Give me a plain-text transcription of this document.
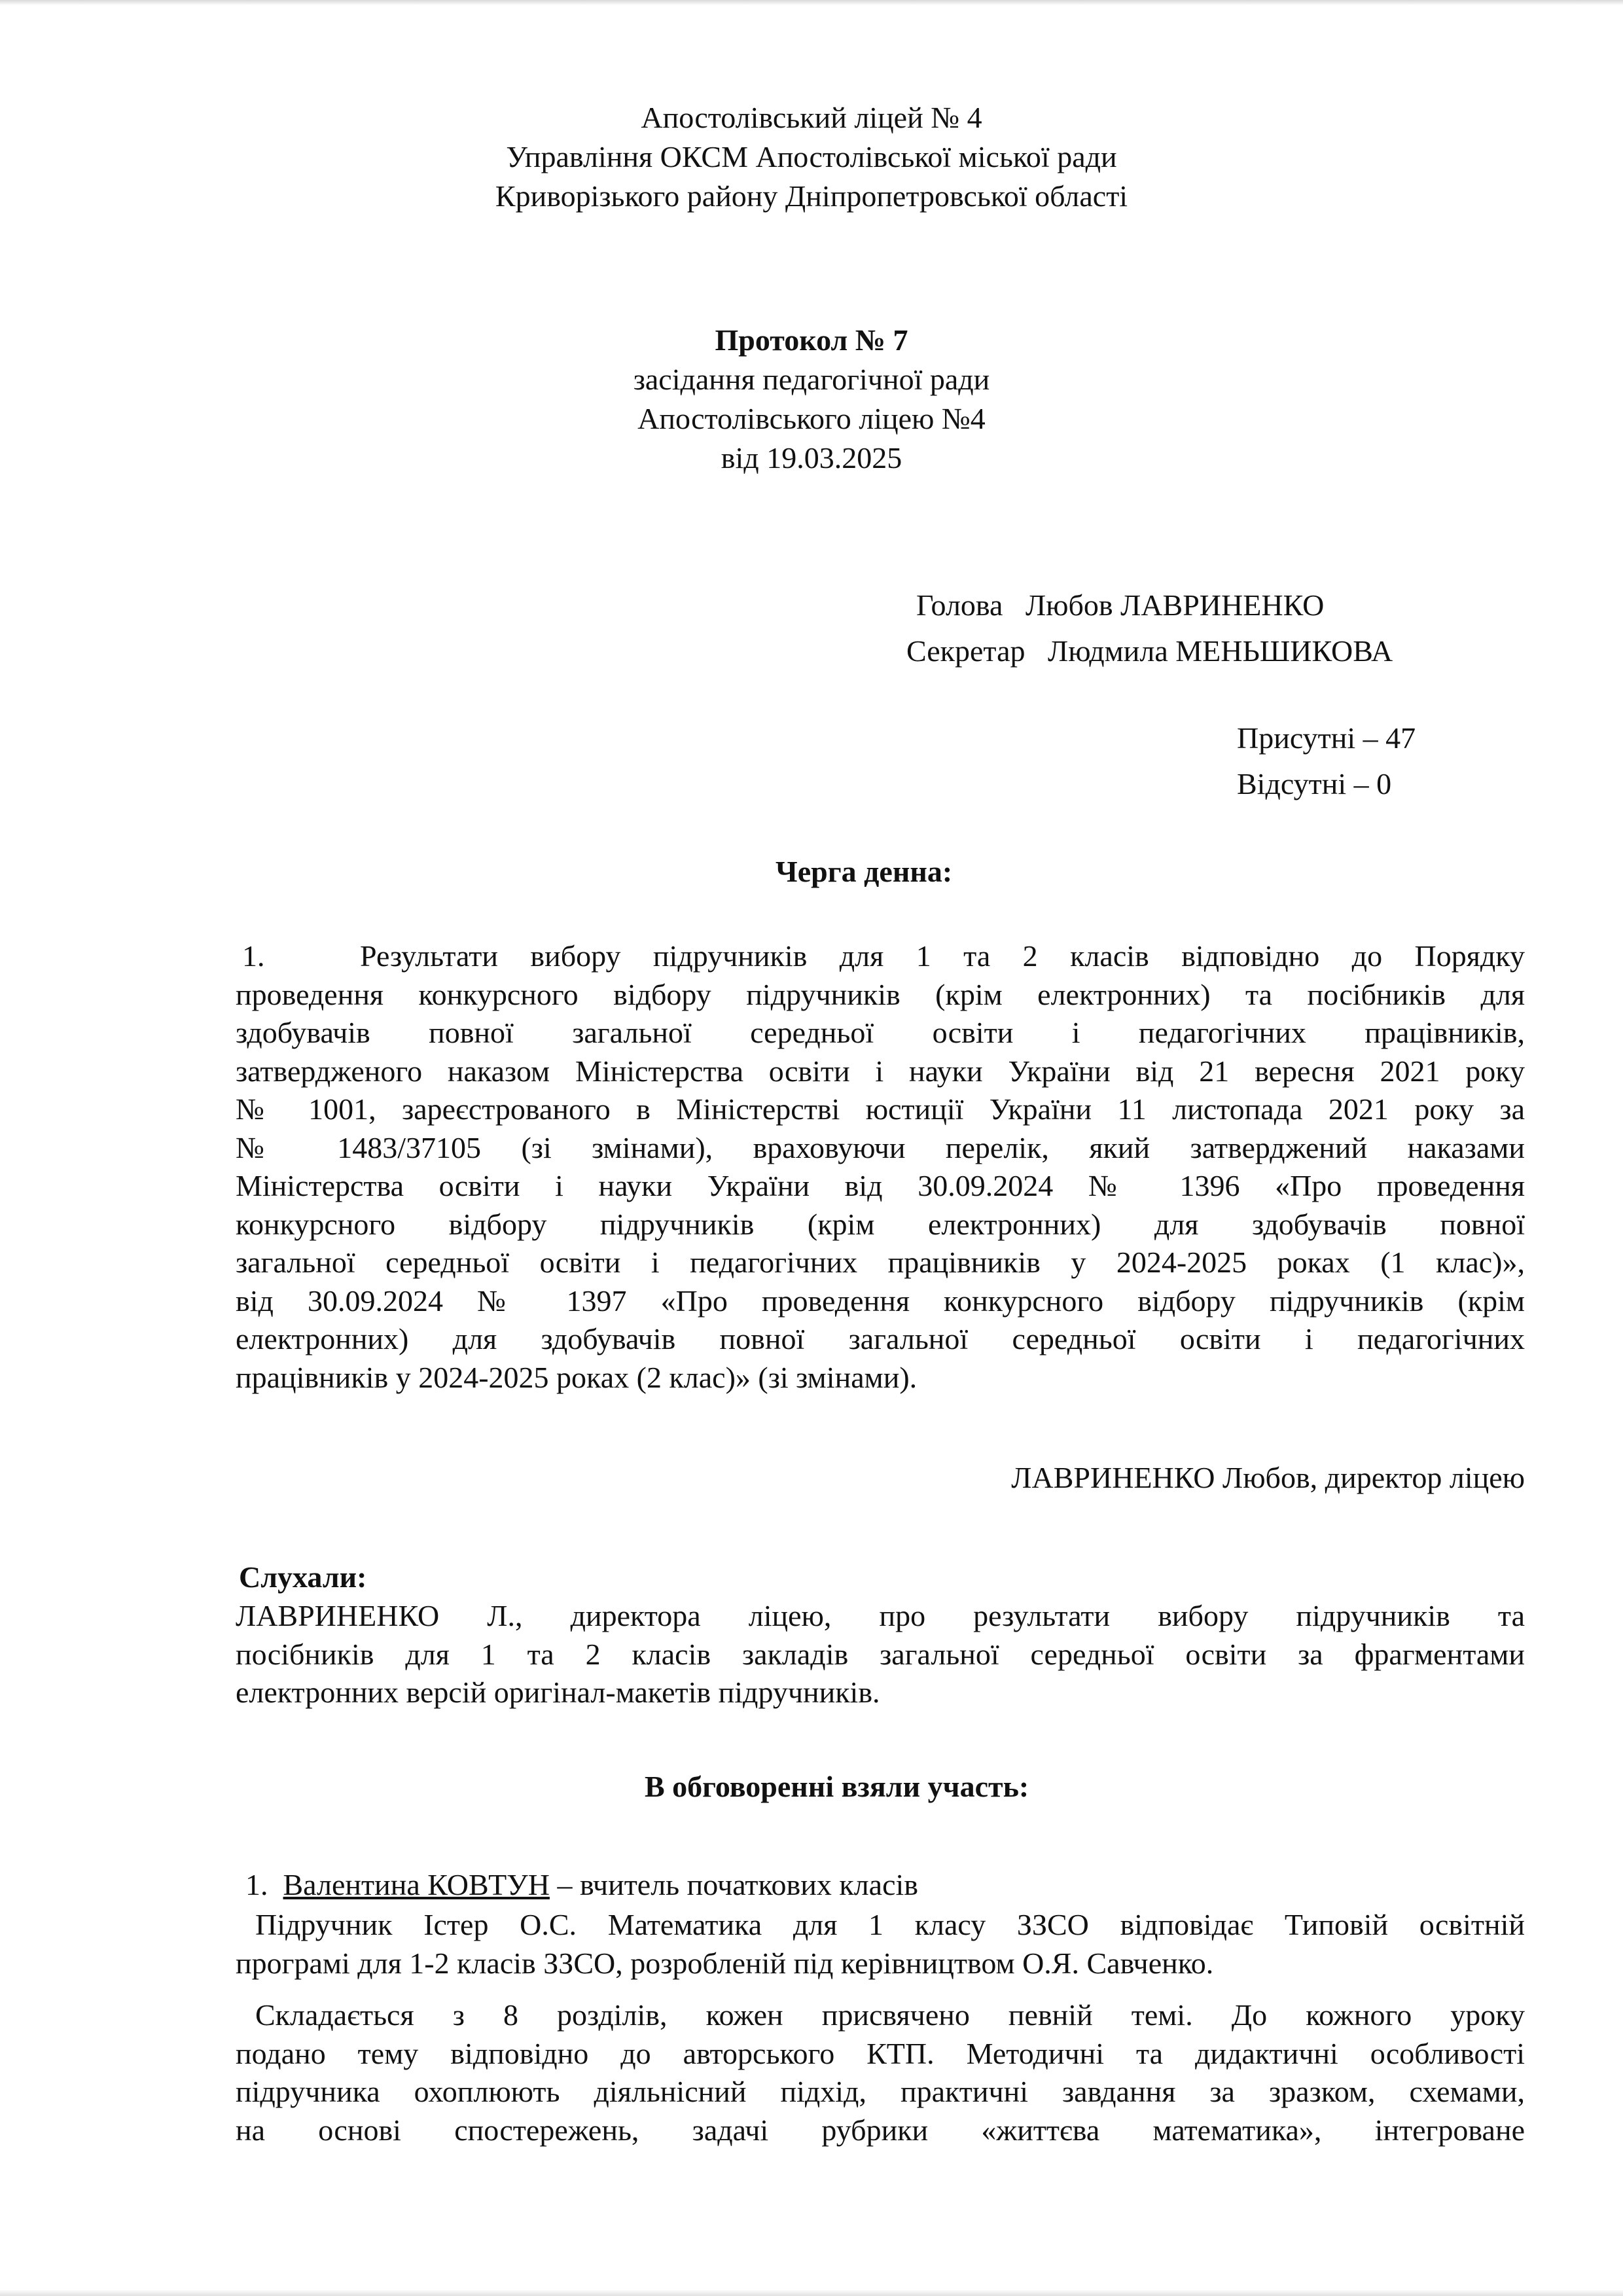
Апостолівський ліцей № 4
Управління ОКСМ Апостолівської міської ради
Криворізького району Дніпропетровської області
Протокол № 7
засідання педагогічної ради
Апостолівського ліцею №4
від 19.03.2025
Голова Любов ЛАВРИНЕНКО
Секретар Людмила МЕНЬШИКОВА
Присутні – 47
Відсутні – 0
Черга денна:
1.	Результати вибору підручників для 1 та 2 класів відповідно до Порядку
проведення конкурсного відбору підручників (крім електронних) та посібників для
здобувачів повної загальної середньої освіти і педагогічних працівників,
затвердженого наказом Міністерства освіти і науки України від 21 вересня 2021 року
№ 1001, зареєстрованого в Міністерстві юстиції України 11 листопада 2021 року за
№ 1483/37105 (зі змінами), враховуючи перелік, який затверджений наказами
Міністерства освіти і науки України від 30.09.2024 № 1396 «Про проведення
конкурсного відбору підручників (крім електронних) для здобувачів повної
загальної середньої освіти і педагогічних працівників у 2024-2025 роках (1 клас)»,
від 30.09.2024 № 1397 «Про проведення конкурсного відбору підручників (крім
електронних) для здобувачів повної загальної середньої освіти і педагогічних
працівників у 2024-2025 роках (2 клас)» (зі змінами).
ЛАВРИНЕНКО Любов, директор ліцею
Слухали:
ЛАВРИНЕНКО Л., директора ліцею, про результати вибору підручників та
посібників для 1 та 2 класів закладів загальної середньої освіти за фрагментами
електронних версій оригінал-макетів підручників.
В обговоренні взяли участь:
1. Валентина КОВТУН – вчитель початкових класів
Підручник Істер О.С. Математика для 1 класу ЗЗСО відповідає Типовій освітній
програмі для 1-2 класів ЗЗСО, розробленій під керівництвом О.Я. Савченко.
Складається з 8 розділів, кожен присвячено певній темі. До кожного уроку
подано тему відповідно до авторського КТП. Методичні та дидактичні особливості
підручника охоплюють діяльнісний підхід, практичні завдання за зразком, схемами,
на основі спостережень, задачі рубрики «життєва математика», інтегроване
